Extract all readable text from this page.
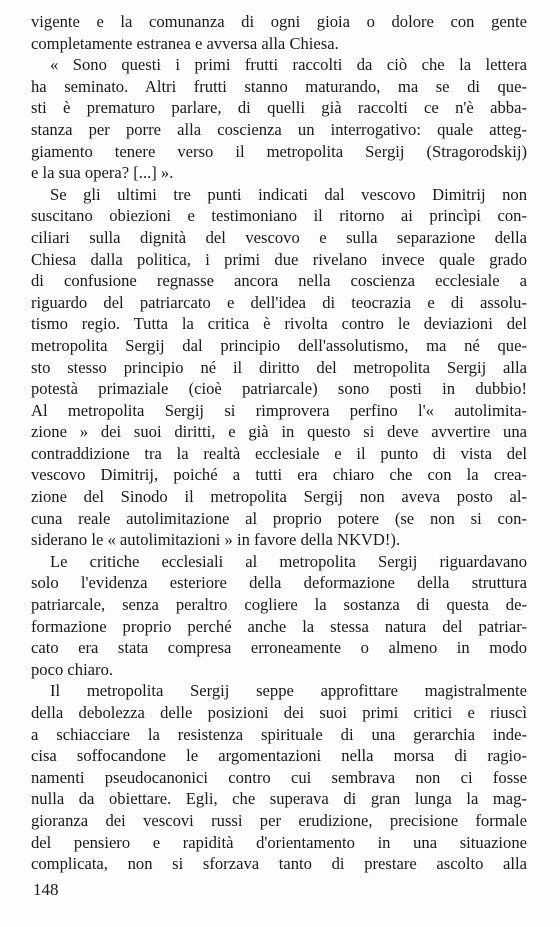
vigente e la comunanza di ogni gioia o dolore con gente
completamente estranea e avversa alla Chiesa.
« Sono questi i primi frutti raccolti da ciò che la lettera
ha seminato. Altri frutti stanno maturando, ma se di que-
sti è prematuro parlare, di quelli già raccolti ce n'è abba-
stanza per porre alla coscienza un interrogativo: quale atteg-
giamento tenere verso il metropolita Sergij (Stragorodskij)
e la sua opera? [...] ».
Se gli ultimi tre punti indicati dal vescovo Dimitrij non
suscitano obiezioni e testimoniano il ritorno ai princìpi con-
ciliari sulla dignità del vescovo e sulla separazione della
Chiesa dalla politica, i primi due rivelano invece quale grado
di confusione regnasse ancora nella coscienza ecclesiale a
riguardo del patriarcato e dell'idea di teocrazia e di assolu-
tismo regio. Tutta la critica è rivolta contro le deviazioni del
metropolita Sergij dal principio dell'assolutismo, ma né que-
sto stesso principio né il diritto del metropolita Sergij alla
potestà primaziale (cioè patriarcale) sono posti in dubbio!
Al metropolita Sergij si rimprovera perfino l'« autolimita-
zione » dei suoi diritti, e già in questo si deve avvertire una
contraddizione tra la realtà ecclesiale e il punto di vista del
vescovo Dimitrij, poiché a tutti era chiaro che con la crea-
zione del Sinodo il metropolita Sergij non aveva posto al-
cuna reale autolimitazione al proprio potere (se non si con-
siderano le « autolimitazioni » in favore della NKVD!).
Le critiche ecclesiali al metropolita Sergij riguardavano
solo l'evidenza esteriore della deformazione della struttura
patriarcale, senza peraltro cogliere la sostanza di questa de-
formazione proprio perché anche la stessa natura del patriar-
cato era stata compresa erroneamente o almeno in modo
poco chiaro.
Il metropolita Sergij seppe approfittare magistralmente
della debolezza delle posizioni dei suoi primi critici e riuscì
a schiacciare la resistenza spirituale di una gerarchia inde-
cisa soffocandone le argomentazioni nella morsa di ragio-
namenti pseudocanonici contro cui sembrava non ci fosse
nulla da obiettare. Egli, che superava di gran lunga la mag-
gioranza dei vescovi russi per erudizione, precisione formale
del pensiero e rapidità d'orientamento in una situazione
complicata, non si sforzava tanto di prestare ascolto alla
148
